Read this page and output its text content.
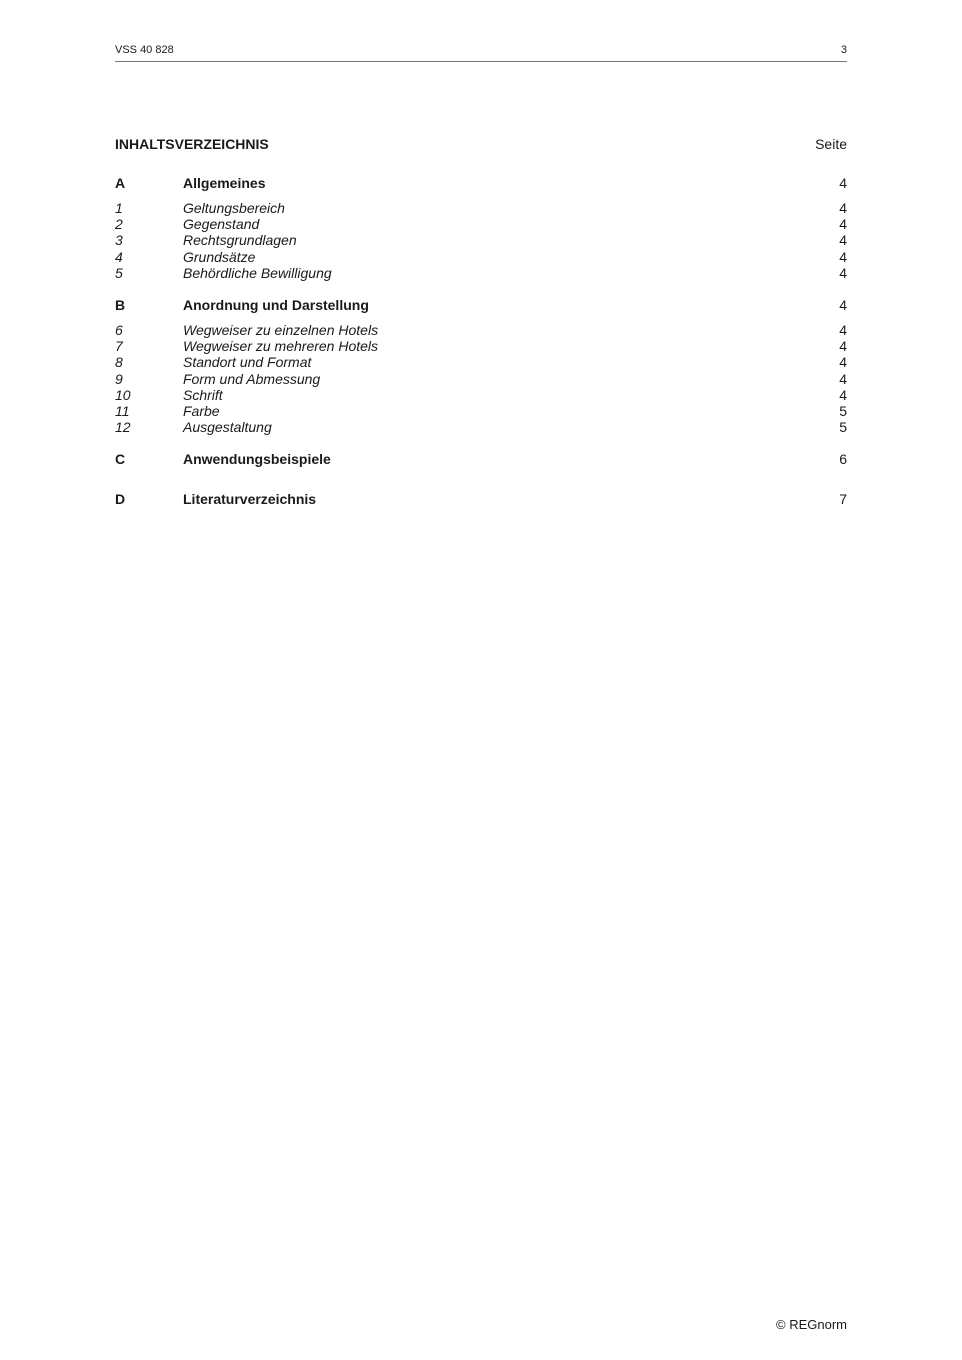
VSS 40 828	3
INHALTSVERZEICHNIS	Seite
A	Allgemeines	4
1	Geltungsbereich	4
2	Gegenstand	4
3	Rechtsgrundlagen	4
4	Grundsätze	4
5	Behördliche Bewilligung	4
B	Anordnung und Darstellung	4
6	Wegweiser zu einzelnen Hotels	4
7	Wegweiser zu mehreren Hotels	4
8	Standort und Format	4
9	Form und Abmessung	4
10	Schrift	4
11	Farbe	5
12	Ausgestaltung	5
C	Anwendungsbeispiele	6
D	Literaturverzeichnis	7
© REGnorm
